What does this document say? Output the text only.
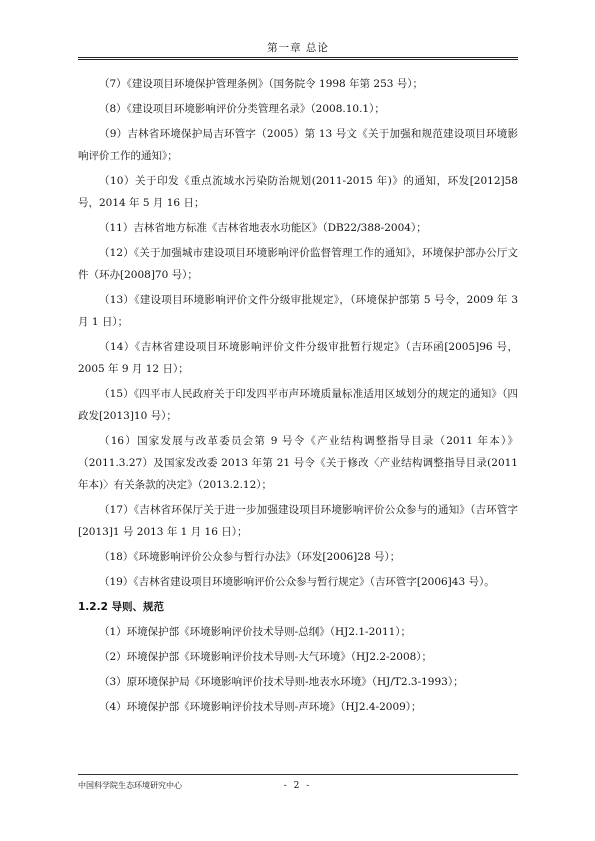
第一章 总论

（7）《建设项目环境保护管理条例》（国务院令 1998 年第 253 号）；

（8）《建设项目环境影响评价分类管理名录》（2008.10.1）；

（9）吉林省环境保护局吉环管字（2005）第 13 号文《关于加强和规范建设项目环境影响评价工作的通知》；

（10）关于印发《重点流域水污染防治规划(2011-2015 年)》的通知，环发[2012]58 号，2014 年 5 月 16 日；

（11）吉林省地方标准《吉林省地表水功能区》（DB22/388-2004）；

（12）《关于加强城市建设项目环境影响评价监督管理工作的通知》，环境保护部办公厅文件（环办[2008]70 号）；

（13）《建设项目环境影响评价文件分级审批规定》，（环境保护部第 5 号令，2009 年 3 月 1 日）；

（14）《吉林省建设项目环境影响评价文件分级审批暂行规定》（吉环函[2005]96 号，2005 年 9 月 12 日）；

（15）《四平市人民政府关于印发四平市声环境质量标准适用区域划分的规定的通知》（四政发[2013]10 号）；

（16）国家发展与改革委员会第 9 号令《产业结构调整指导目录（2011 年本）》（2011.3.27）及国家发改委 2013 年第 21 号令《关于修改〈产业结构调整指导目录(2011 年本)〉有关条款的决定》（2013.2.12）；

（17）《吉林省环保厅关于进一步加强建设项目环境影响评价公众参与的通知》（吉环管字[2013]1 号 2013 年 1 月 16 日）；

（18）《环境影响评价公众参与暂行办法》（环发[2006]28 号）；

（19）《吉林省建设项目环境影响评价公众参与暂行规定》（吉环管字[2006]43 号）。

1.2.2 导则、规范

（1）环境保护部《环境影响评价技术导则-总纲》（HJ2.1-2011）；

（2）环境保护部《环境影响评价技术导则-大气环境》（HJ2.2-2008）；

（3）原环境保护局《环境影响评价技术导则-地表水环境》（HJ/T2.3-1993）；

（4）环境保护部《环境影响评价技术导则-声环境》（HJ2.4-2009）；

中国科学院生态环境研究中心	- 2 -
